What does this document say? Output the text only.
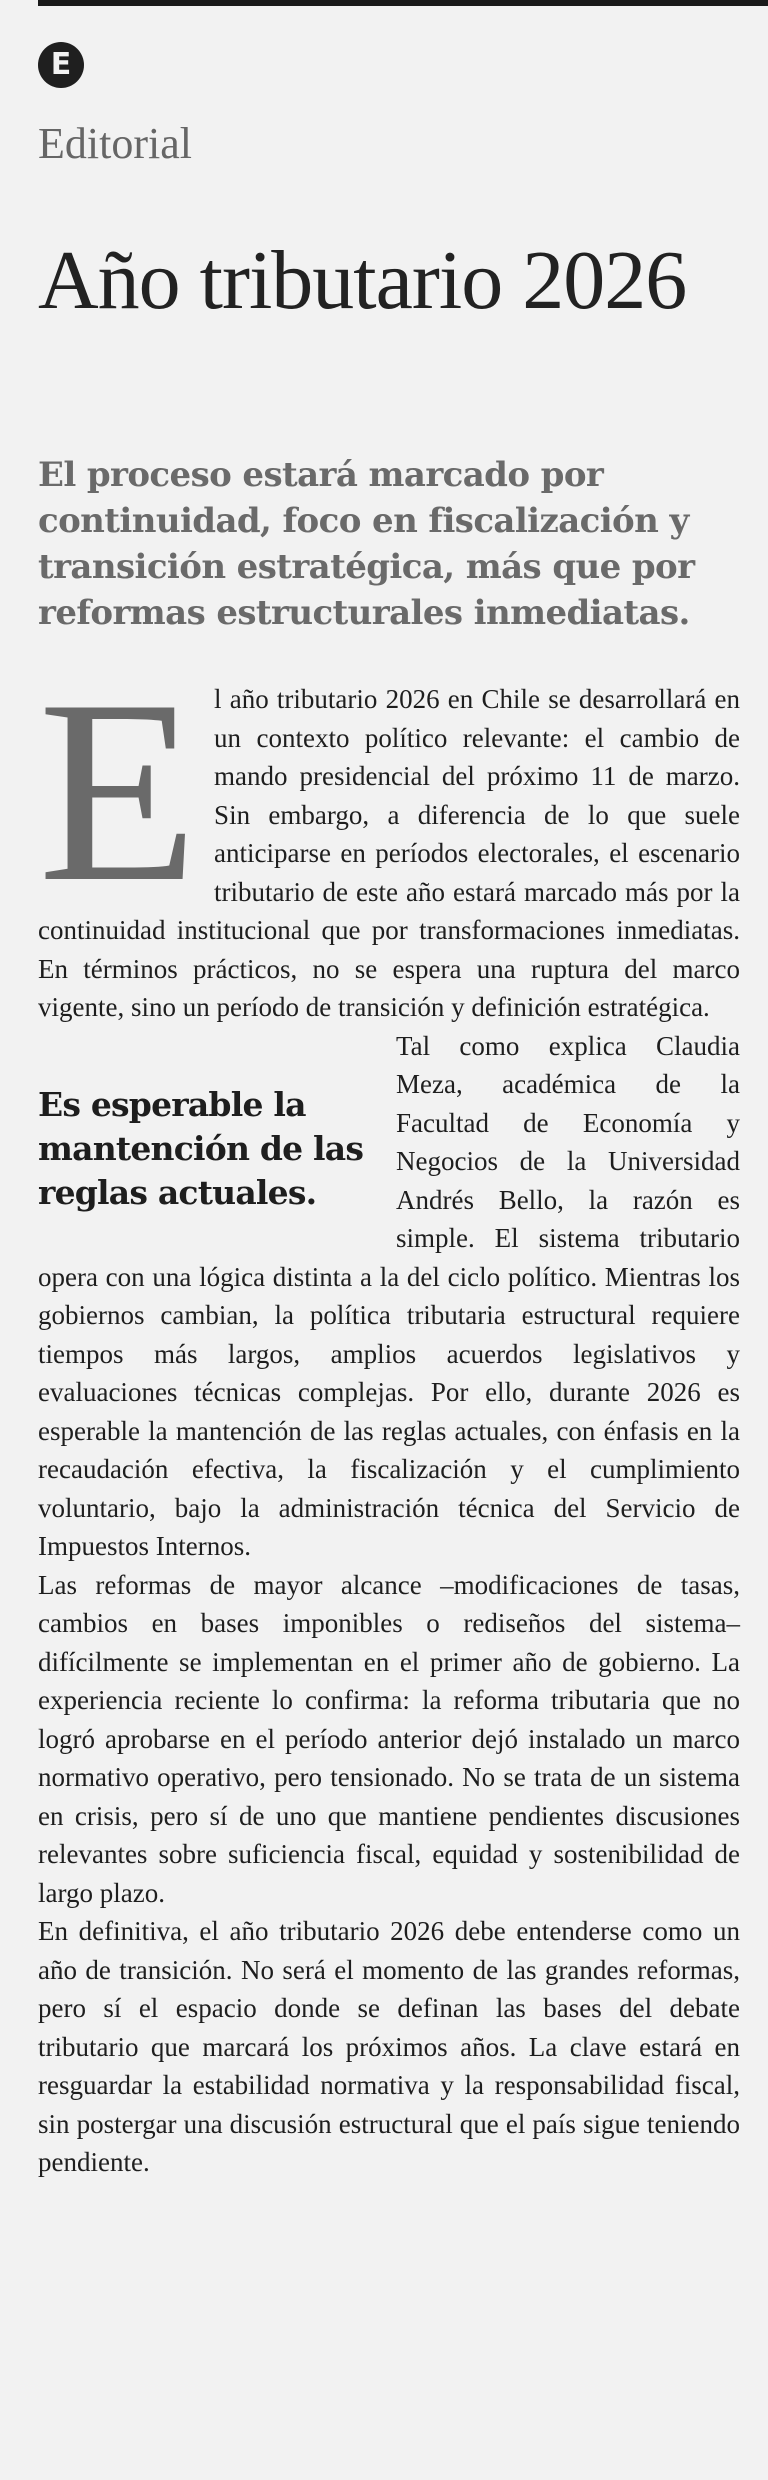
E
Editorial
Año tributario 2026

El proceso estará marcado por continuidad, foco en fiscalización y transición estratégica, más que por reformas estructurales inmediatas.

E l año tributario 2026 en Chile se desarrollará en un contexto político relevante: el cambio de mando presidencial del próximo 11 de marzo. Sin embargo, a diferencia de lo que suele anticiparse en períodos electorales, el escenario tributario de este año estará marcado más por la continuidad institucional que por transformaciones inmediatas. En términos prácticos, no se espera una ruptura del marco vigente, sino un período de transición y definición estratégica.

Es esperable la mantención de las reglas actuales.
Tal como explica Claudia Meza, académica de la Facultad de Economía y Negocios de la Universidad Andrés Bello, la razón es simple. El sistema tributario opera con una lógica distinta a la del ciclo político. Mientras los gobiernos cambian, la política tributaria estructural requiere tiempos más largos, amplios acuerdos legislativos y evaluaciones técnicas complejas. Por ello, durante 2026 es esperable la mantención de las reglas actuales, con énfasis en la recaudación efectiva, la fiscalización y el cumplimiento voluntario, bajo la administración técnica del Servicio de Impuestos Internos.

Las reformas de mayor alcance –modificaciones de tasas, cambios en bases imponibles o rediseños del sistema– difícilmente se implementan en el primer año de gobierno. La experiencia reciente lo confirma: la reforma tributaria que no logró aprobarse en el período anterior dejó instalado un marco normativo operativo, pero tensionado. No se trata de un sistema en crisis, pero sí de uno que mantiene pendientes discusiones relevantes sobre suficiencia fiscal, equidad y sostenibilidad de largo plazo.

En definitiva, el año tributario 2026 debe entenderse como un año de transición. No será el momento de las grandes reformas, pero sí el espacio donde se definan las bases del debate tributario que marcará los próximos años. La clave estará en resguardar la estabilidad normativa y la responsabilidad fiscal, sin postergar una discusión estructural que el país sigue teniendo pendiente.
